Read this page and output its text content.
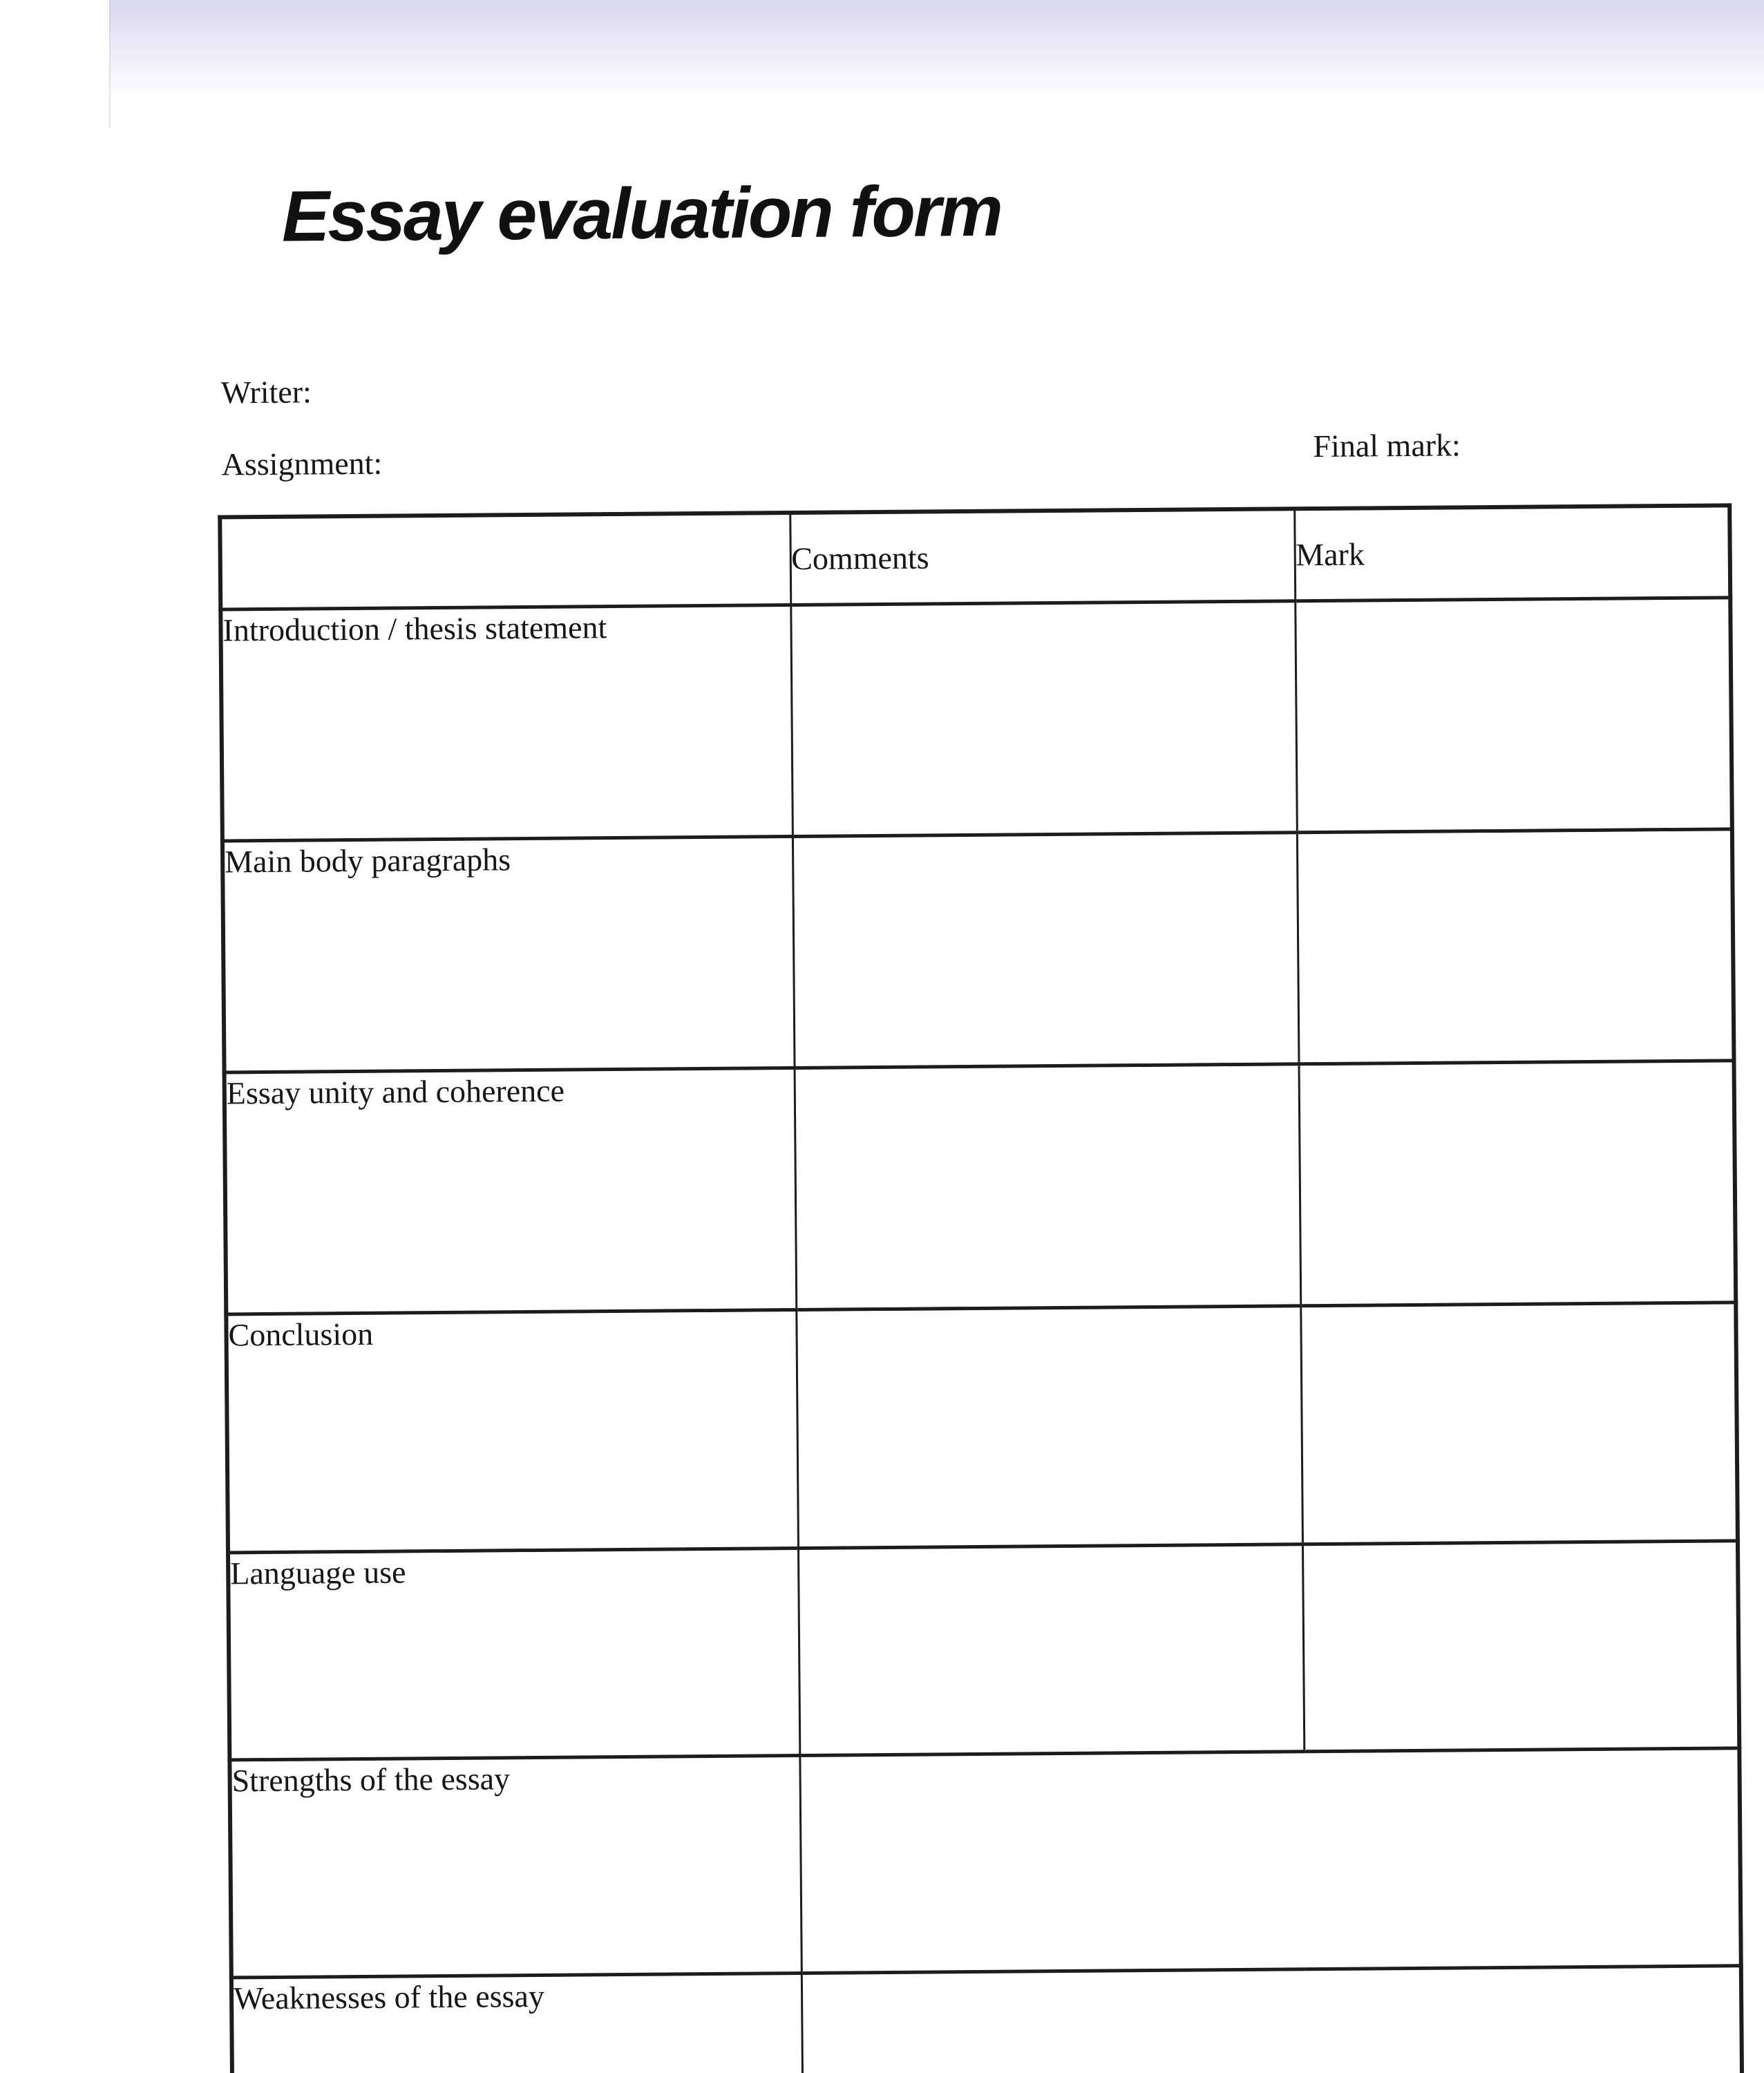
Essay evaluation form
Writer:
Assignment:	Final mark:
	Comments	Mark
Introduction / thesis statement		
Main body paragraphs		
Essay unity and coherence		
Conclusion		
Language use		
Strengths of the essay		
Weaknesses of the essay		
